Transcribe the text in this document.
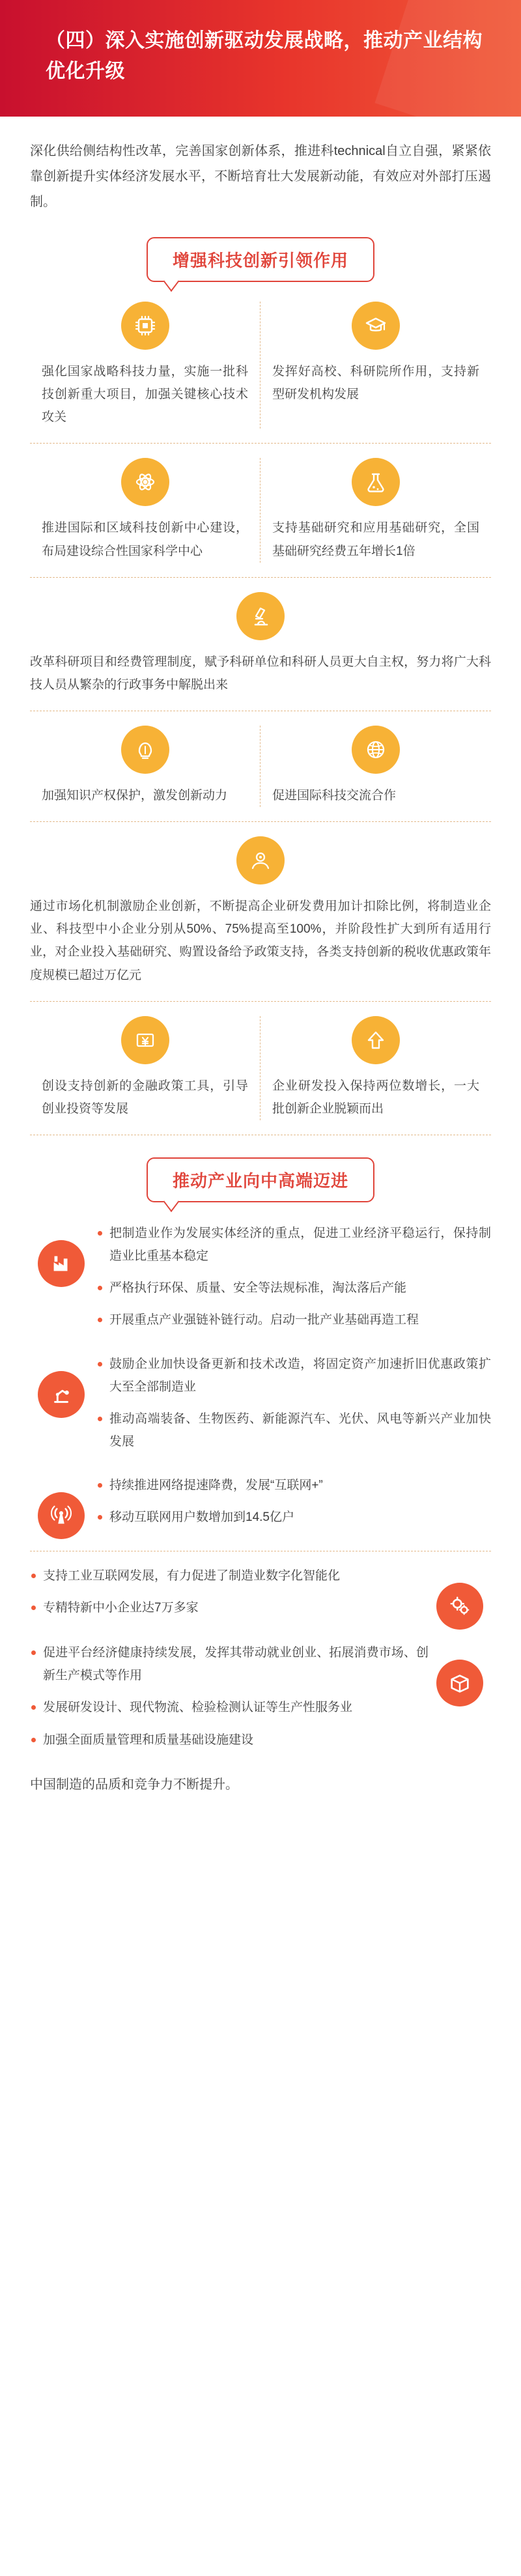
（四）深入实施创新驱动发展战略，推动产业结构优化升级
深化供给侧结构性改革，完善国家创新体系，推进科technical自立自强，紧紧依靠创新提升实体经济发展水平，不断培育壮大发展新动能，有效应对外部打压遏制。
增强科技创新引领作用
强化国家战略科技力量，实施一批科技创新重大项目，加强关键核心技术攻关
发挥好高校、科研院所作用，支持新型研发机构发展
推进国际和区域科技创新中心建设，布局建设综合性国家科学中心
支持基础研究和应用基础研究，全国基础研究经费五年增长1倍
改革科研项目和经费管理制度，赋予科研单位和科研人员更大自主权，努力将广大科技人员从繁杂的行政事务中解脱出来
加强知识产权保护，激发创新动力	促进国际科技交流合作
通过市场化机制激励企业创新，不断提高企业研发费用加计扣除比例，将制造业企业、科技型中小企业分别从50%、75%提高至100%，并阶段性扩大到所有适用行业，对企业投入基础研究、购置设备给予政策支持，各类支持创新的税收优惠政策年度规模已超过万亿元
创设支持创新的金融政策工具，引导创业投资等发展
企业研发投入保持两位数增长，一大批创新企业脱颖而出
推动产业向中高端迈进
把制造业作为发展实体经济的重点，促进工业经济平稳运行，保持制造业比重基本稳定
严格执行环保、质量、安全等法规标准，淘汰落后产能
开展重点产业强链补链行动。启动一批产业基础再造工程
鼓励企业加快设备更新和技术改造，将固定资产加速折旧优惠政策扩大至全部制造业
推动高端装备、生物医药、新能源汽车、光伏、风电等新兴产业加快发展
持续推进网络提速降费，发展“互联网+”
移动互联网用户数增加到14.5亿户
支持工业互联网发展，有力促进了制造业数字化智能化
专精特新中小企业达7万多家
促进平台经济健康持续发展，发挥其带动就业创业、拓展消费市场、创新生产模式等作用
发展研发设计、现代物流、检验检测认证等生产性服务业
加强全面质量管理和质量基础设施建设
中国制造的品质和竞争力不断提升。
